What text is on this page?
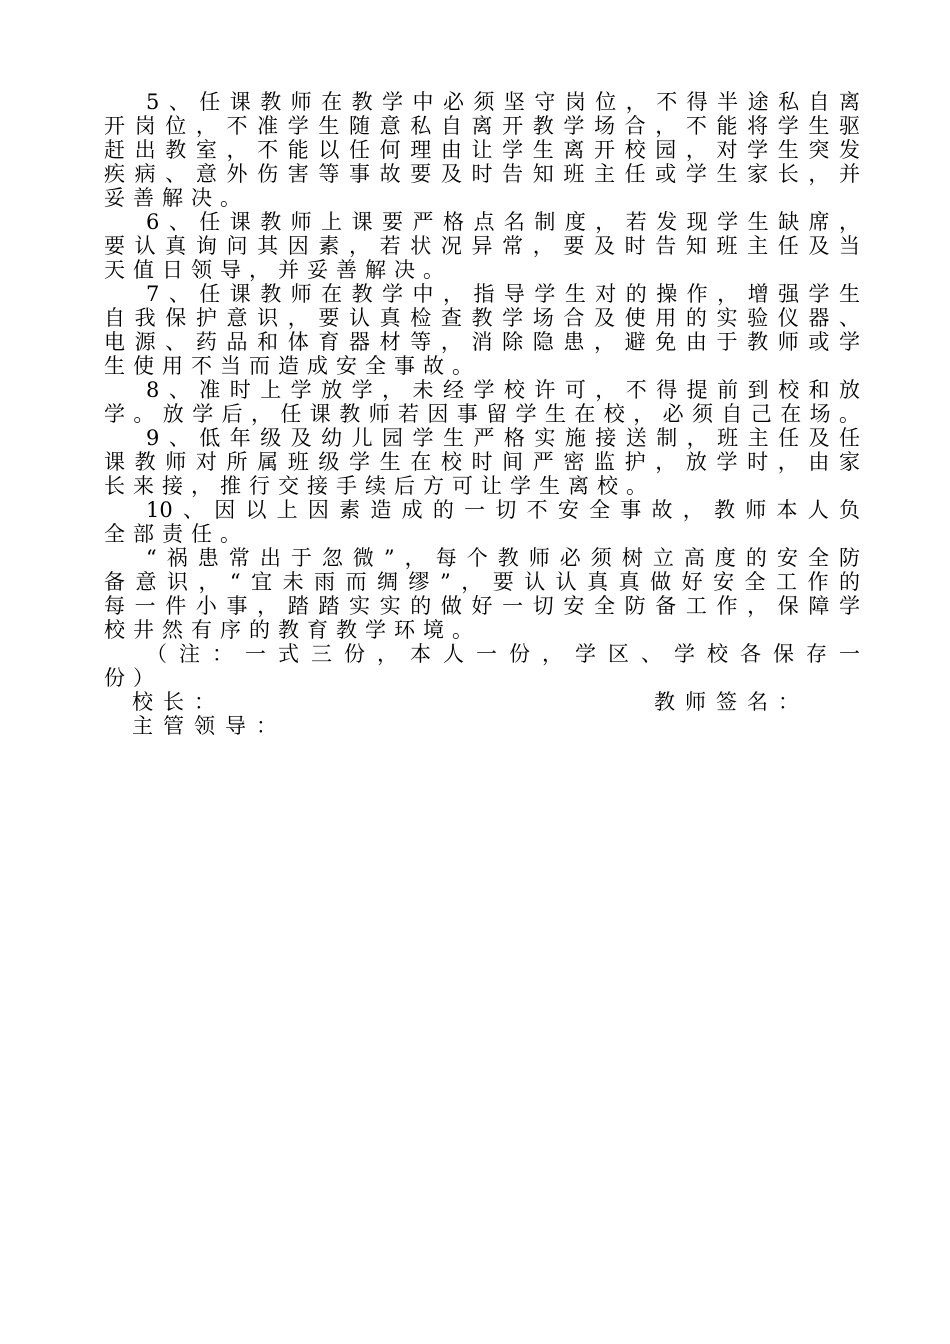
5、任课教师在教学中必须坚守岗位，不得半途私自离
开岗位，不准学生随意私自离开教学场合，不能将学生驱
赶出教室，不能以任何理由让学生离开校园，对学生突发
疾病、意外伤害等事故要及时告知班主任或学生家长，并
妥善解决。
6、任课教师上课要严格点名制度，若发现学生缺席，
要认真询问其因素，若状况异常，要及时告知班主任及当
天值日领导，并妥善解决。
7、任课教师在教学中，指导学生对的操作，增强学生
自我保护意识，要认真检查教学场合及使用的实验仪器、
电源、药品和体育器材等，消除隐患，避免由于教师或学
生使用不当而造成安全事故。
8、准时上学放学，未经学校许可，不得提前到校和放
学。放学后，任课教师若因事留学生在校，必须自己在场。
9、低年级及幼儿园学生严格实施接送制，班主任及任
课教师对所属班级学生在校时间严密监护，放学时，由家
长来接，推行交接手续后方可让学生离校。
10、因以上因素造成的一切不安全事故，教师本人负
全部责任。
“祸患常出于忽微”，每个教师必须树立高度的安全防
备意识，“宜未雨而绸缪”，要认认真真做好安全工作的
每一件小事，踏踏实实的做好一切安全防备工作，保障学
校井然有序的教育教学环境。
（注：一式三份，本人一份，学区、学校各保存一
份）
校长：	教师签名：
主管领导：
